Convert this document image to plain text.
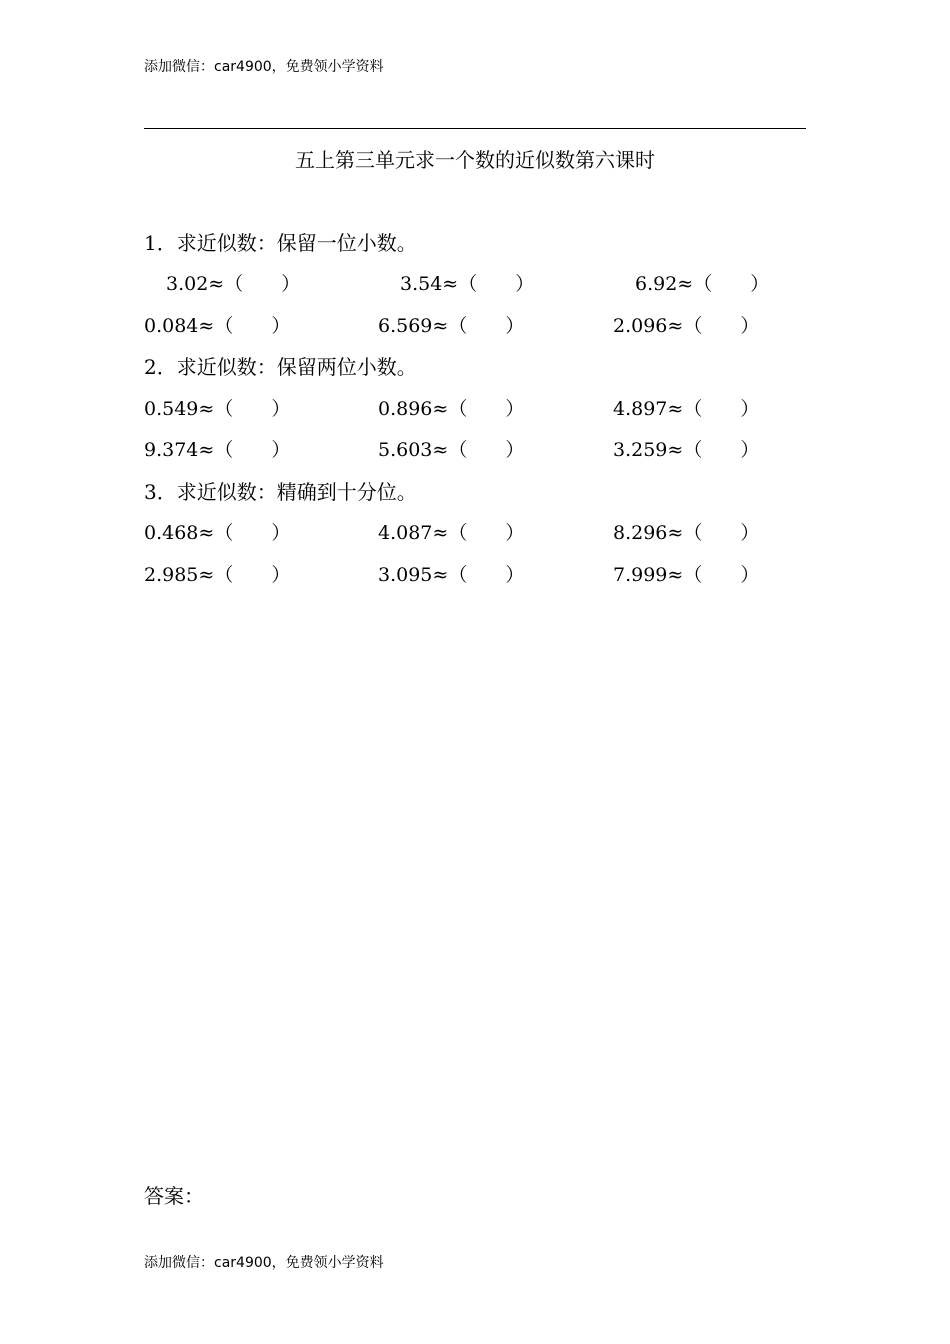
添加微信：car4900，免费领小学资料
五上第三单元求一个数的近似数第六课时
1．求近似数：保留一位小数。
3.02≈（　　）	3.54≈（　　）	6.92≈（　　）
0.084≈（　　）	6.569≈（　　）	2.096≈（　　）
2．求近似数：保留两位小数。
0.549≈（　　）	0.896≈（　　）	4.897≈（　　）
9.374≈（　　）	5.603≈（　　）	3.259≈（　　）
3．求近似数：精确到十分位。
0.468≈（　　）	4.087≈（　　）	8.296≈（　　）
2.985≈（　　）	3.095≈（　　）	7.999≈（　　）
答案：
添加微信：car4900，免费领小学资料
